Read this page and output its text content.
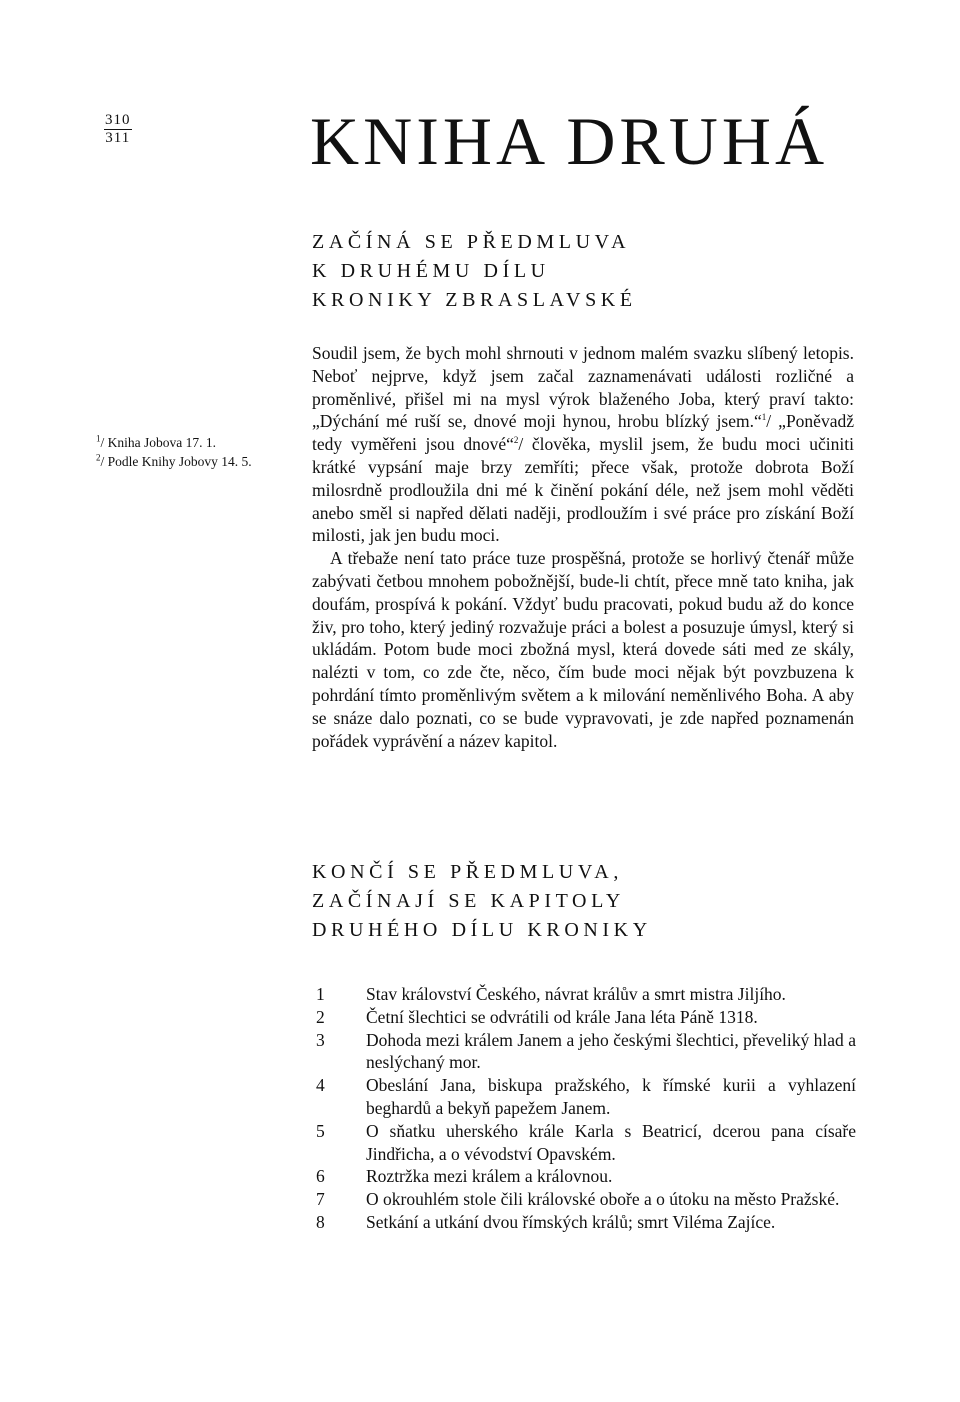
310
311	KNIHA DRUHÁ
ZAČÍNÁ SE PŘEDMLUVA
K DRUHÉMU DÍLU
KRONIKY ZBRASLAVSKÉ
$^1$/ Kniha Jobova 17. 1.
$^2$/ Podle Knihy Jobovy 14. 5.

Soudil jsem, že bych mohl shrnouti v jednom malém svazku slíbený letopis. Neboť nejprve, když jsem začal zaznamenávati události rozličné a proměnlivé, přišel mi na mysl výrok blaženého Joba, který praví takto: „Dýchání mé ruší se, dnové moji hynou, hrobu blízký jsem.“$^1$/ „Poněvadž tedy vyměřeni jsou dnové“$^2$/ člověka, myslil jsem, že budu moci učiniti krátké vypsání maje brzy zemříti; přece však, protože dobrota Boží milosrdně prodloužila dni mé k činění pokání déle, než jsem mohl věděti anebo směl si napřed dělati naději, prodloužím i své práce pro získání Boží milosti, jak jen budu moci.

A třebaže není tato práce tuze prospěšná, protože se horlivý čtenář může zabývati četbou mnohem pobožnější, bude-li chtít, přece mně tato kniha, jak doufám, prospívá k pokání. Vždyť budu pracovati, pokud budu až do konce živ, pro toho, který jediný rozvažuje práci a bolest a posuzuje úmysl, který si ukládám. Potom bude moci zbožná mysl, která dovede sáti med ze skály, nalézti v tom, co zde čte, něco, čím bude moci nějak být povzbuzena k pohrdání tímto proměnlivým světem a k milování neměnlivého Boha. A aby se snáze dalo poznati, co se bude vypravovati, je zde napřed poznamenán pořádek vyprávění a název kapitol.

KONČÍ SE PŘEDMLUVA,
ZAČÍNAJÍ SE KAPITOLY
DRUHÉHO DÍLU KRONIKY
1	Stav království Českého, návrat králův a smrt mistra Jiljího.
2	Četní šlechtici se odvrátili od krále Jana léta Páně 1318.
3	Dohoda mezi králem Janem a jeho českými šlechtici, převeliký hlad a neslýchaný mor.
4	Obeslání Jana, biskupa pražského, k římské kurii a vyhlazení beghardů a bekyň papežem Janem.
5	O sňatku uherského krále Karla s Beatricí, dcerou pana císaře Jindřicha, a o vévodství Opavském.
6	Roztržka mezi králem a královnou.
7	O okrouhlém stole čili královské oboře a o útoku na město Pražské.
8	Setkání a utkání dvou římských králů; smrt Viléma Zajíce.
